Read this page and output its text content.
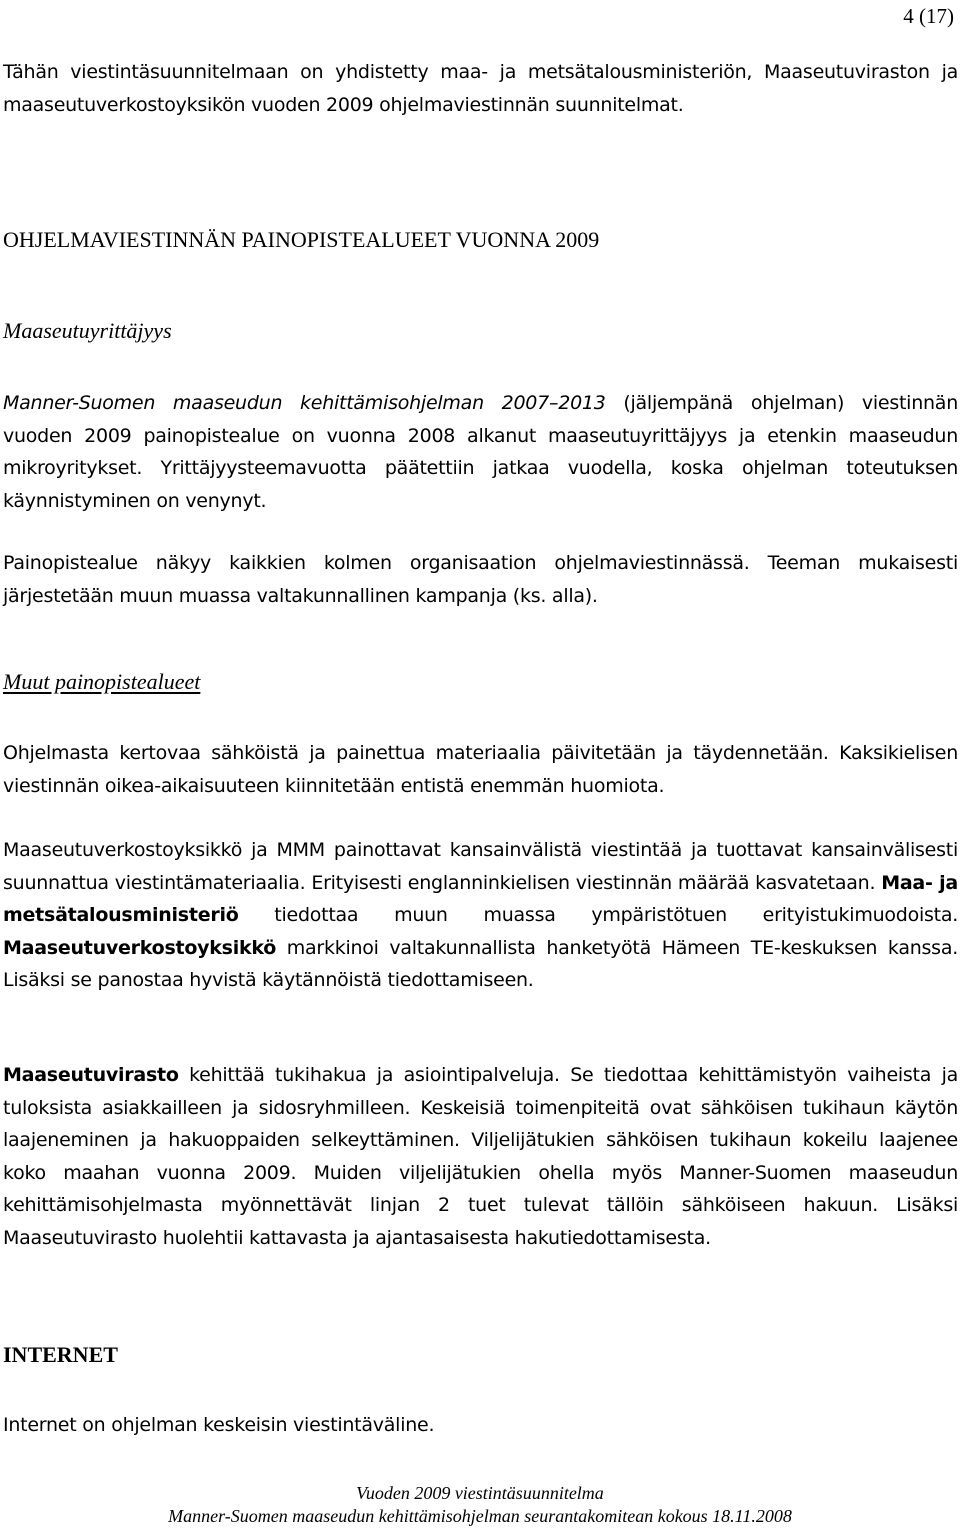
4 (17)

Tähän viestintäsuunnitelmaan on yhdistetty maa- ja metsätalousministeriön, Maaseutuviraston ja maaseutuverkostoyksikön vuoden 2009 ohjelmaviestinnän suunnitelmat.

OHJELMAVIESTINNÄN PAINOPISTEALUEET VUONNA 2009
Maaseutuyrittäjyys

Manner-Suomen maaseudun kehittämisohjelman 2007–2013 (jäljempänä ohjelman) viestinnän vuoden 2009 painopistealue on vuonna 2008 alkanut maaseutuyrittäjyys ja etenkin maaseudun mikroyritykset. Yrittäjyysteemavuotta päätettiin jatkaa vuodella, koska ohjelman toteutuksen käynnistyminen on venynyt.

Painopistealue näkyy kaikkien kolmen organisaation ohjelmaviestinnässä. Teeman mukaisesti järjestetään muun muassa valtakunnallinen kampanja (ks. alla).

Muut painopistealueet

Ohjelmasta kertovaa sähköistä ja painettua materiaalia päivitetään ja täydennetään. Kaksikielisen viestinnän oikea-aikaisuuteen kiinnitetään entistä enemmän huomiota.

Maaseutuverkostoyksikkö ja MMM painottavat kansainvälistä viestintää ja tuottavat kansainvälisesti suunnattua viestintämateriaalia. Erityisesti englanninkielisen viestinnän määrää kasvatetaan. Maa- ja metsätalousministeriö tiedottaa muun muassa ympäristötuen erityistukimuodoista. Maaseutuverkostoyksikkö markkinoi valtakunnallista hanketyötä Hämeen TE-keskuksen kanssa. Lisäksi se panostaa hyvistä käytännöistä tiedottamiseen.

Maaseutuvirasto kehittää tukihakua ja asiointipalveluja. Se tiedottaa kehittämistyön vaiheista ja tuloksista asiakkailleen ja sidosryhmilleen. Keskeisiä toimenpiteitä ovat sähköisen tukihaun käytön laajeneminen ja hakuoppaiden selkeyttäminen. Viljelijätukien sähköisen tukihaun kokeilu laajenee koko maahan vuonna 2009. Muiden viljelijätukien ohella myös Manner-Suomen maaseudun kehittämisohjelmasta myönnettävät linjan 2 tuet tulevat tällöin sähköiseen hakuun. Lisäksi Maaseutuvirasto huolehtii kattavasta ja ajantasaisesta hakutiedottamisesta.

INTERNET

Internet on ohjelman keskeisin viestintäväline.

Vuoden 2009 viestintäsuunnitelma
Manner-Suomen maaseudun kehittämisohjelman seurantakomitean kokous 18.11.2008
